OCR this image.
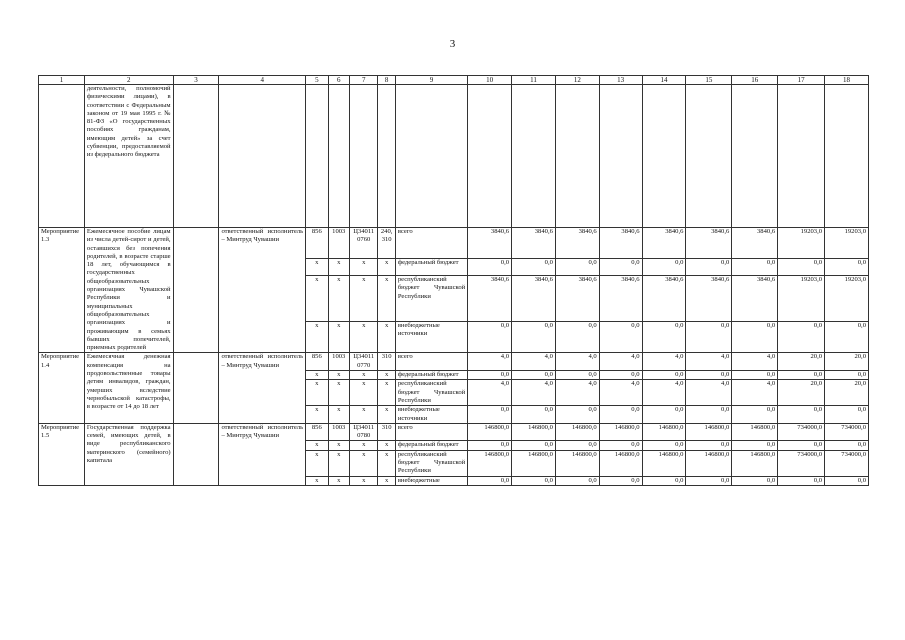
3
1	2	3	4	5	6	7	8	9	10	11	12	13	14	15	16	17	18
	деятельности, полномочий физическими лицами), в соответствии с Федеральным законом от 19 мая 1995 г. № 81-ФЗ «О государственных пособиях гражданам, имеющим детей» за счет субвенции, предоставляемой из федерального бюджета																
Мероприятие 1.3	Ежемесячное пособие лицам из числа детей-сирот и детей, оставшихся без попечения родителей, в возрасте старше 18 лет, обучающимся в государственных общеобразовательных организациях Чувашской Республики и муниципальных общеобразовательных организациях и проживающим в семьях бывших попечителей, приемных родителей		ответственный исполнитель – Минтруд Чувашии	856	1003	Ц34011 0760	240, 310	всего	3840,6	3840,6	3840,6	3840,6	3840,6	3840,6	3840,6	19203,0	19203,0
				x	x	x	x	федеральный бюджет	0,0	0,0	0,0	0,0	0,0	0,0	0,0	0,0	0,0
				x	x	x	x	республиканский бюджет Чувашской Республики	3840,6	3840,6	3840,6	3840,6	3840,6	3840,6	3840,6	19203,0	19203,0
				x	x	x	x	внебюджетные источники	0,0	0,0	0,0	0,0	0,0	0,0	0,0	0,0	0,0
Мероприятие 1.4	Ежемесячная денежная компенсация на продовольственные товары детям инвалидов, граждан, умерших вследствие чернобыльской катастрофы, в возрасте от 14 до 18 лет		ответственный исполнитель – Минтруд Чувашии	856	1003	Ц34011 0770	310	всего	4,0	4,0	4,0	4,0	4,0	4,0	4,0	20,0	20,0
				x	x	x	x	федеральный бюджет	0,0	0,0	0,0	0,0	0,0	0,0	0,0	0,0	0,0
				x	x	x	x	республиканский бюджет Чувашской Республики	4,0	4,0	4,0	4,0	4,0	4,0	4,0	20,0	20,0
				x	x	x	x	внебюджетные источники	0,0	0,0	0,0	0,0	0,0	0,0	0,0	0,0	0,0
Мероприятие 1.5	Государственная поддержка семей, имеющих детей, в виде республиканского материнского (семейного) капитала		ответственный исполнитель – Минтруд Чувашии	856	1003	Ц34011 0780	310	всего	146800,0	146800,0	146800,0	146800,0	146800,0	146800,0	146800,0	734000,0	734000,0
				x	x	x	x	федеральный бюджет	0,0	0,0	0,0	0,0	0,0	0,0	0,0	0,0	0,0
				x	x	x	x	республиканский бюджет Чувашской Республики	146800,0	146800,0	146800,0	146800,0	146800,0	146800,0	146800,0	734000,0	734000,0
				x	x	x	x	внебюджетные	0,0	0,0	0,0	0,0	0,0	0,0	0,0	0,0	0,0
